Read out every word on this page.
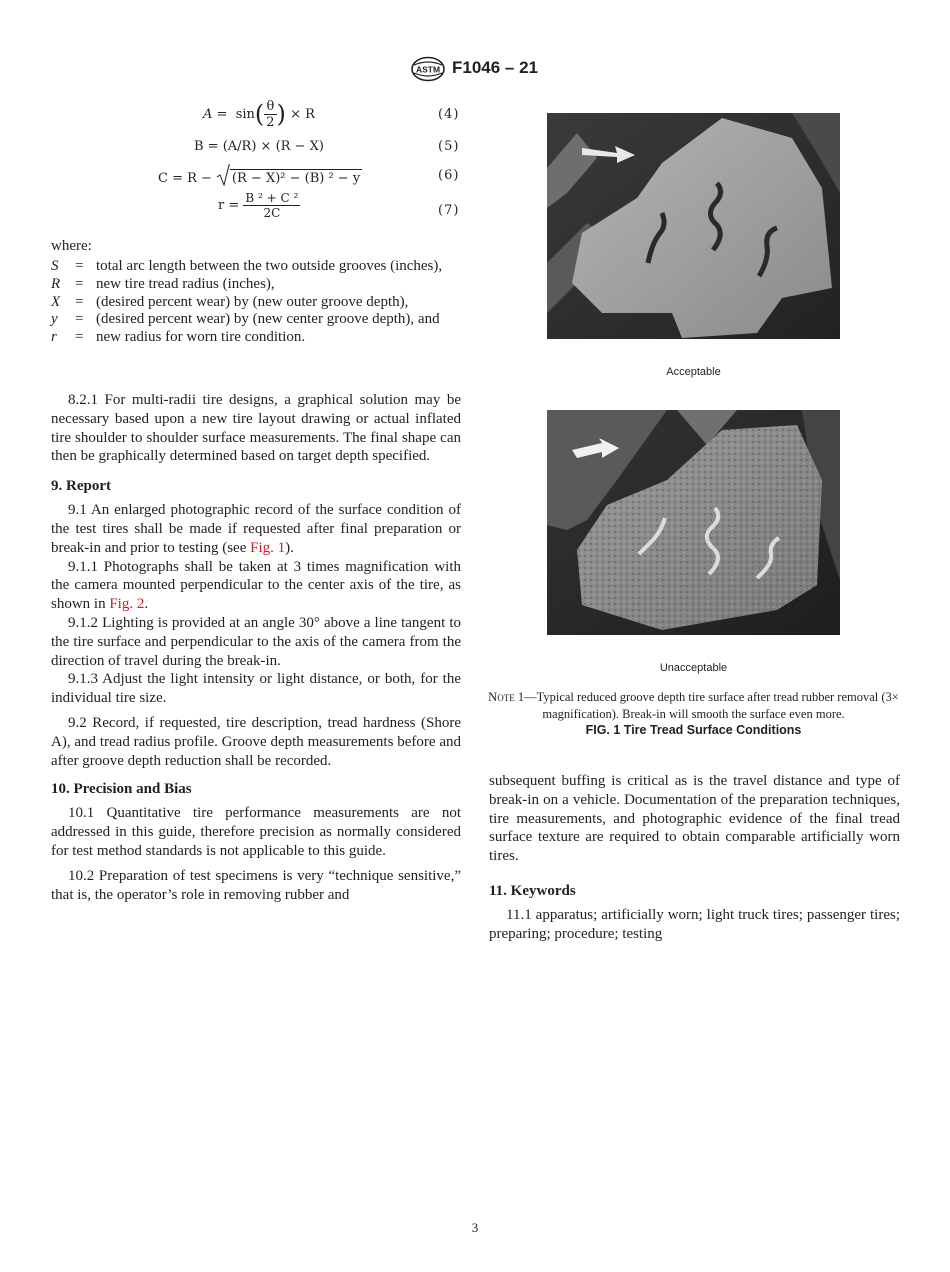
ASTM F1046 – 21
A =
sin ( $\frac{\theta}{2}$ )
× R	(4)
B = (A/R) × (R − X)	(5)
C = R − (R − X)² − (B) ² − y	(6)
r =
$\frac{\text{B ² + C ²}}{2C}$	(7)
where:
S	= total arc length between the two outside grooves (inches),
R = new tire tread radius (inches),
X = (desired percent wear) by (new outer groove depth),
y	= (desired percent wear) by (new center groove depth), and
r	= new radius for worn tire condition.

8.2.1 For multi-radii tire designs, a graphical solution may be necessary based upon a new tire layout drawing or actual inflated tire shoulder to shoulder surface measurements. The final shape can then be graphically determined based on target depth specified.

9. Report

9.1 An enlarged photographic record of the surface condition of the test tires shall be made if requested after final preparation or break-in and prior to testing (see Fig. 1).

9.1.1 Photographs shall be taken at 3 times magnification with the camera mounted perpendicular to the center axis of the tire, as shown in Fig. 2.

9.1.2 Lighting is provided at an angle 30° above a line tangent to the tire surface and perpendicular to the axis of the camera from the direction of travel during the break-in.

9.1.3 Adjust the light intensity or light distance, or both, for the individual tire size.

9.2 Record, if requested, tire description, tread hardness (Shore A), and tread radius profile. Groove depth measurements before and after groove depth reduction shall be recorded.

10. Precision and Bias

10.1 Quantitative tire performance measurements are not addressed in this guide, therefore precision as normally considered for test method standards is not applicable to this guide.

10.2 Preparation of test specimens is very “technique sensitive,” that is, the operator’s role in removing rubber and

Acceptable
Unacceptable
Note 1—Typical reduced groove depth tire surface after tread rubber removal (3× magnification). Break-in will smooth the surface even more.
FIG. 1 Tire Tread Surface Conditions

subsequent buffing is critical as is the travel distance and type of break-in on a vehicle. Documentation of the preparation techniques, tire measurements, and photographic evidence of the final tread surface texture are required to obtain comparable artificially worn tires.

11. Keywords

11.1 apparatus; artificially worn; light truck tires; passenger tires; preparing; procedure; testing

3
